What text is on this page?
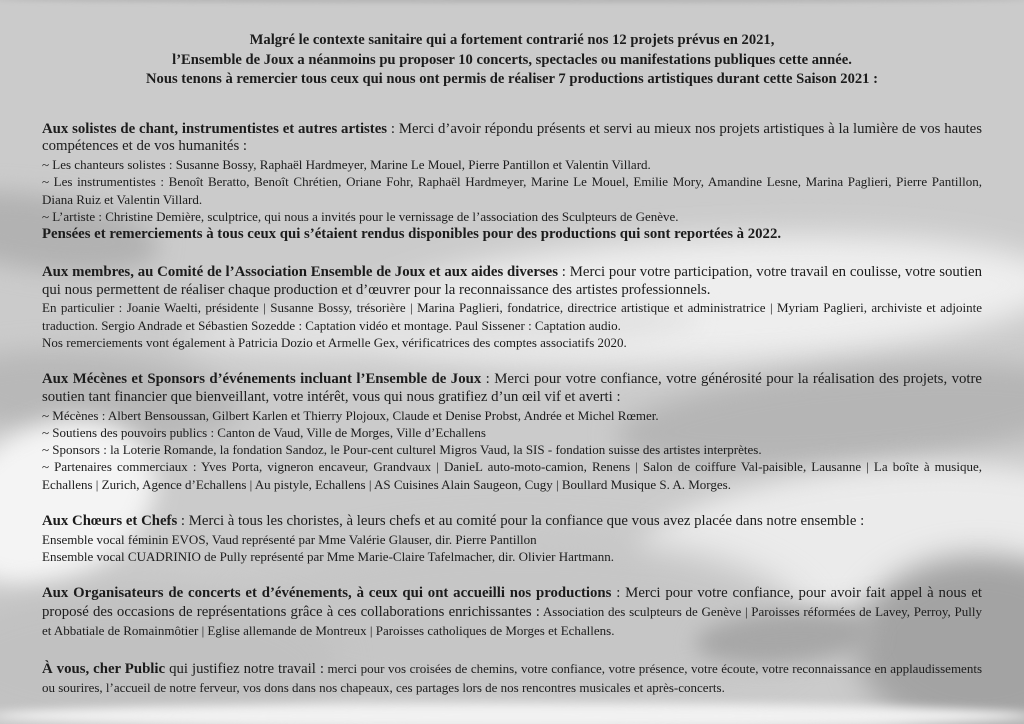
Malgré le contexte sanitaire qui a fortement contrarié nos 12 projets prévus en 2021,
l’Ensemble de Joux a néanmoins pu proposer 10 concerts, spectacles ou manifestations publiques cette année.
Nous tenons à remercier tous ceux qui nous ont permis de réaliser 7 productions artistiques durant cette Saison 2021 :

Aux solistes de chant, instrumentistes et autres artistes : Merci d’avoir répondu présents et servi au mieux nos projets artistiques à la lumière de vos hautes compétences et de vos humanités :

~ Les chanteurs solistes : Susanne Bossy, Raphaël Hardmeyer, Marine Le Mouel, Pierre Pantillon et Valentin Villard.

~ Les instrumentistes : Benoît Beratto, Benoît Chrétien, Oriane Fohr, Raphaël Hardmeyer, Marine Le Mouel, Emilie Mory, Amandine Lesne, Marina Paglieri, Pierre Pantillon, Diana Ruiz et Valentin Villard.

~ L’artiste : Christine Demière, sculptrice, qui nous a invités pour le vernissage de l’association des Sculpteurs de Genève.

Pensées et remerciements à tous ceux qui s’étaient rendus disponibles pour des productions qui sont reportées à 2022.

Aux membres, au Comité de l’Association Ensemble de Joux et aux aides diverses : Merci pour votre participation, votre travail en coulisse, votre soutien qui nous permettent de réaliser chaque production et d’œuvrer pour la reconnaissance des artistes professionnels.

En particulier : Joanie Waelti, présidente | Susanne Bossy, trésorière | Marina Paglieri, fondatrice, directrice artistique et administratrice | Myriam Paglieri, archiviste et adjointe traduction. Sergio Andrade et Sébastien Sozedde : Captation vidéo et montage. Paul Sissener : Captation audio.

Nos remerciements vont également à Patricia Dozio et Armelle Gex, vérificatrices des comptes associatifs 2020.

Aux Mécènes et Sponsors d’événements incluant l’Ensemble de Joux : Merci pour votre confiance, votre générosité pour la réalisation des projets, votre soutien tant financier que bienveillant, votre intérêt, vous qui nous gratifiez d’un œil vif et averti :

~ Mécènes : Albert Bensoussan, Gilbert Karlen et Thierry Plojoux, Claude et Denise Probst, Andrée et Michel Rœmer.

~ Soutiens des pouvoirs publics : Canton de Vaud, Ville de Morges, Ville d’Echallens

~ Sponsors : la Loterie Romande, la fondation Sandoz, le Pour-cent culturel Migros Vaud, la SIS - fondation suisse des artistes interprètes.

~ Partenaires commerciaux : Yves Porta, vigneron encaveur, Grandvaux | DanieL auto-moto-camion, Renens | Salon de coiffure Val-paisible, Lausanne | La boîte à musique, Echallens | Zurich, Agence d’Echallens | Au pistyle, Echallens | AS Cuisines Alain Saugeon, Cugy | Boullard Musique S. A. Morges.

Aux Chœurs et Chefs : Merci à tous les choristes, à leurs chefs et au comité pour la confiance que vous avez placée dans notre ensemble :

Ensemble vocal féminin EVOS, Vaud représenté par Mme Valérie Glauser, dir. Pierre Pantillon

Ensemble vocal CUADRINIO de Pully représenté par Mme Marie-Claire Tafelmacher, dir. Olivier Hartmann.

Aux Organisateurs de concerts et d’événements, à ceux qui ont accueilli nos productions : Merci pour votre confiance, pour avoir fait appel à nous et proposé des occasions de représentations grâce à ces collaborations enrichissantes : Association des sculpteurs de Genève | Paroisses réformées de Lavey, Perroy, Pully et Abbatiale de Romainmôtier | Eglise allemande de Montreux | Paroisses catholiques de Morges et Echallens.

À vous, cher Public qui justifiez notre travail : merci pour vos croisées de chemins, votre confiance, votre présence, votre écoute, votre reconnaissance en applaudissements ou sourires, l’accueil de notre ferveur, vos dons dans nos chapeaux, ces partages lors de nos rencontres musicales et après-concerts.
